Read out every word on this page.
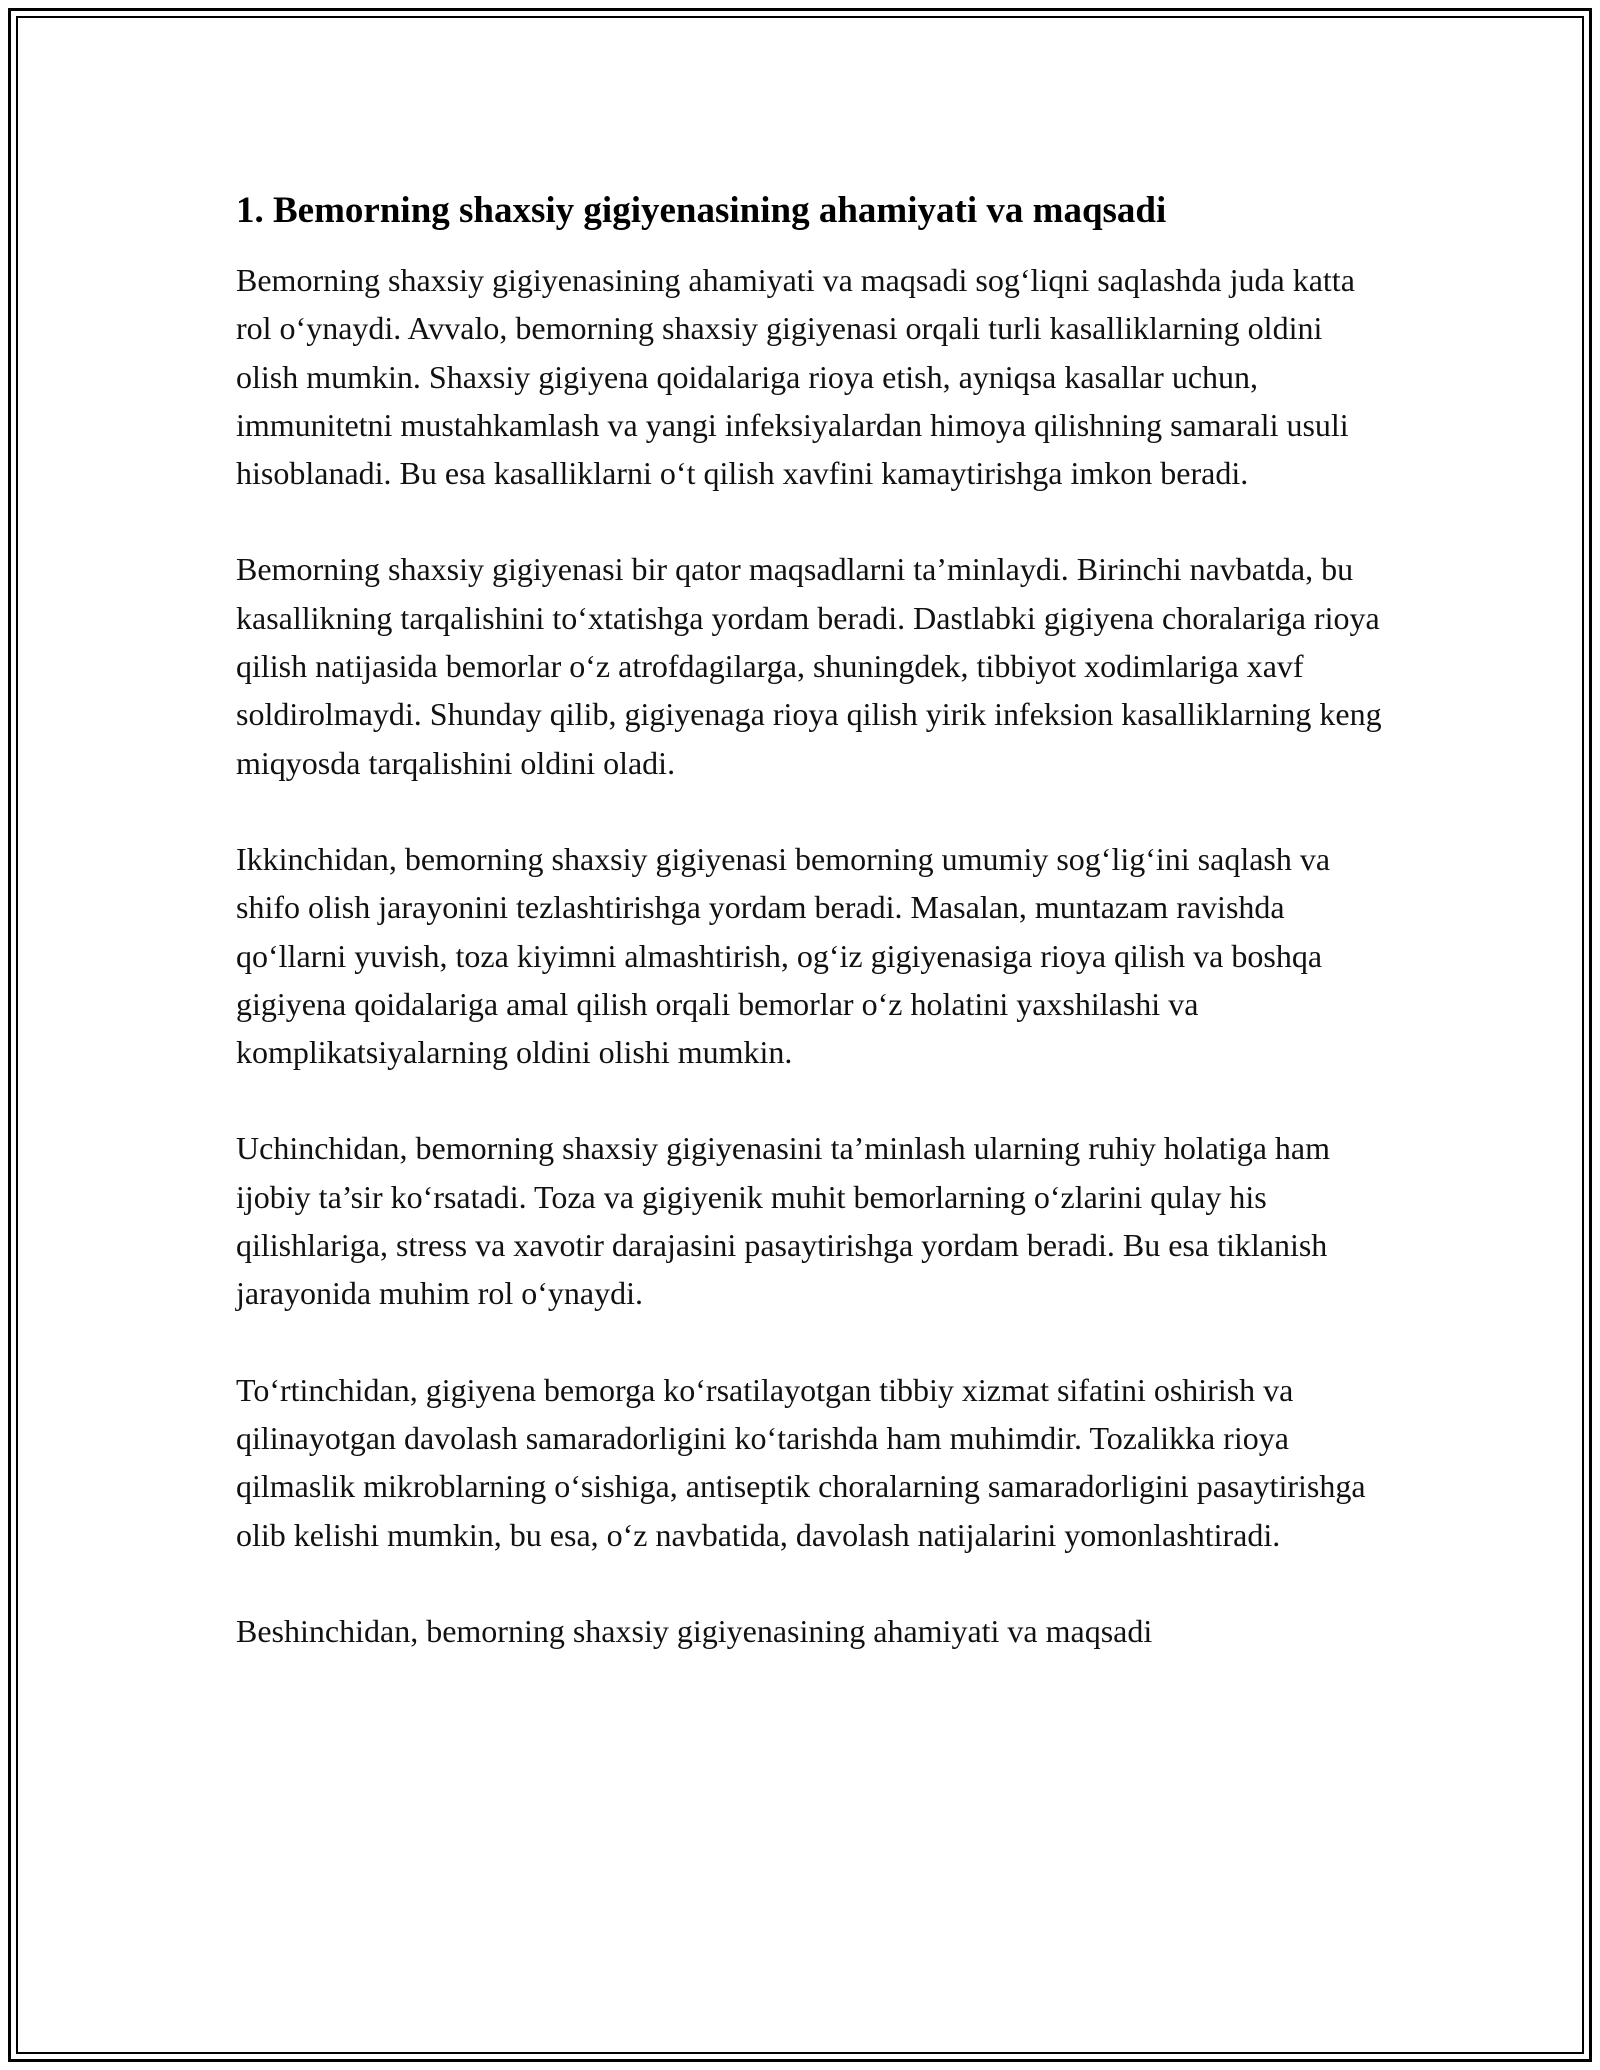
1. Bemorning shaxsiy gigiyenasining ahamiyati va maqsadi

Bemorning shaxsiy gigiyenasining ahamiyati va maqsadi sog‘liqni saqlashda juda katta rol o‘ynaydi. Avvalo, bemorning shaxsiy gigiyenasi orqali turli kasalliklarning oldini olish mumkin. Shaxsiy gigiyena qoidalariga rioya etish, ayniqsa kasallar uchun, immunitetni mustahkamlash va yangi infeksiyalardan himoya qilishning samarali usuli hisoblanadi. Bu esa kasalliklarni o‘t qilish xavfini kamaytirishga imkon beradi.

Bemorning shaxsiy gigiyenasi bir qator maqsadlarni ta’minlaydi. Birinchi navbatda, bu kasallikning tarqalishini to‘xtatishga yordam beradi. Dastlabki gigiyena choralariga rioya qilish natijasida bemorlar o‘z atrofdagilarga, shuningdek, tibbiyot xodimlariga xavf soldirolmaydi. Shunday qilib, gigiyenaga rioya qilish yirik infeksion kasalliklarning keng miqyosda tarqalishini oldini oladi.

Ikkinchidan, bemorning shaxsiy gigiyenasi bemorning umumiy sog‘lig‘ini saqlash va shifo olish jarayonini tezlashtirishga yordam beradi. Masalan, muntazam ravishda qo‘llarni yuvish, toza kiyimni almashtirish, og‘iz gigiyenasiga rioya qilish va boshqa gigiyena qoidalariga amal qilish orqali bemorlar o‘z holatini yaxshilashi va komplikatsiyalarning oldini olishi mumkin.

Uchinchidan, bemorning shaxsiy gigiyenasini ta’minlash ularning ruhiy holatiga ham ijobiy ta’sir ko‘rsatadi. Toza va gigiyenik muhit bemorlarning o‘zlarini qulay his qilishlariga, stress va xavotir darajasini pasaytirishga yordam beradi. Bu esa tiklanish jarayonida muhim rol o‘ynaydi.

To‘rtinchidan, gigiyena bemorga ko‘rsatilayotgan tibbiy xizmat sifatini oshirish va qilinayotgan davolash samaradorligini ko‘tarishda ham muhimdir. Tozalikka rioya qilmaslik mikroblarning o‘sishiga, antiseptik choralarning samaradorligini pasaytirishga olib kelishi mumkin, bu esa, o‘z navbatida, davolash natijalarini yomonlashtiradi.

Beshinchidan, bemorning shaxsiy gigiyenasining ahamiyati va maqsadi
